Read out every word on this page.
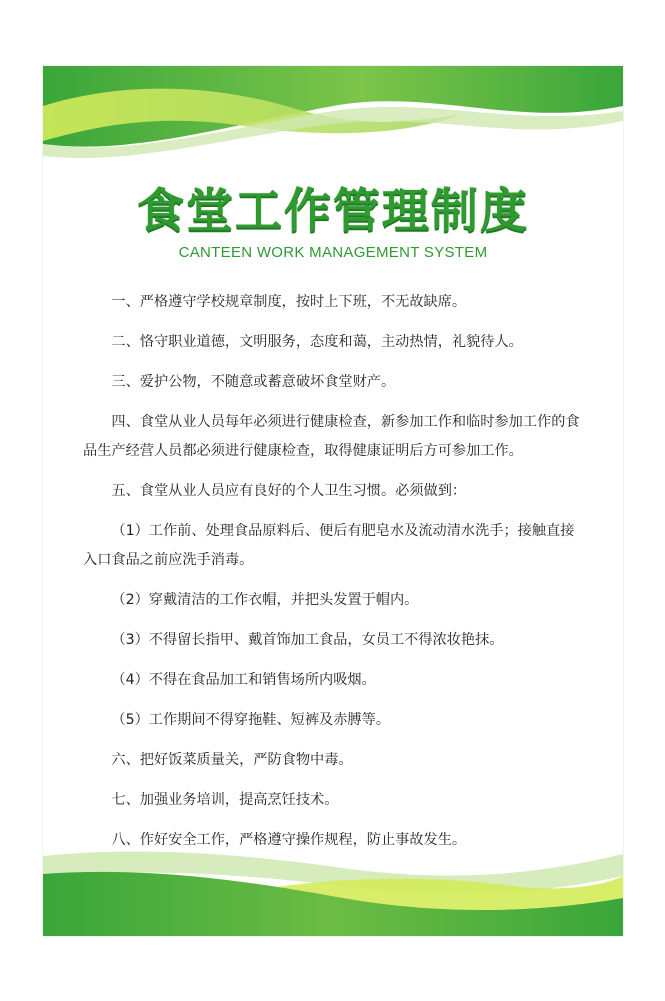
食堂工作管理制度
CANTEEN WORK MANAGEMENT SYSTEM

一、严格遵守学校规章制度，按时上下班，不无故缺席。

二、恪守职业道德，文明服务，态度和蔼，主动热情，礼貌待人。

三、爱护公物，不随意或蓄意破坏食堂财产。

四、食堂从业人员每年必须进行健康检查，新参加工作和临时参加工作的食品生产经营人员都必须进行健康检查，取得健康证明后方可参加工作。

五、食堂从业人员应有良好的个人卫生习惯。必须做到：

（1）工作前、处理食品原料后、便后有肥皂水及流动清水洗手；接触直接入口食品之前应洗手消毒。

（2）穿戴清洁的工作衣帽，并把头发置于帽内。

（3）不得留长指甲、戴首饰加工食品，女员工不得浓妆艳抹。

（4）不得在食品加工和销售场所内吸烟。

（5）工作期间不得穿拖鞋、短裤及赤膊等。

六、把好饭菜质量关，严防食物中毒。

七、加强业务培训，提高烹饪技术。

八、作好安全工作，严格遵守操作规程，防止事故发生。
